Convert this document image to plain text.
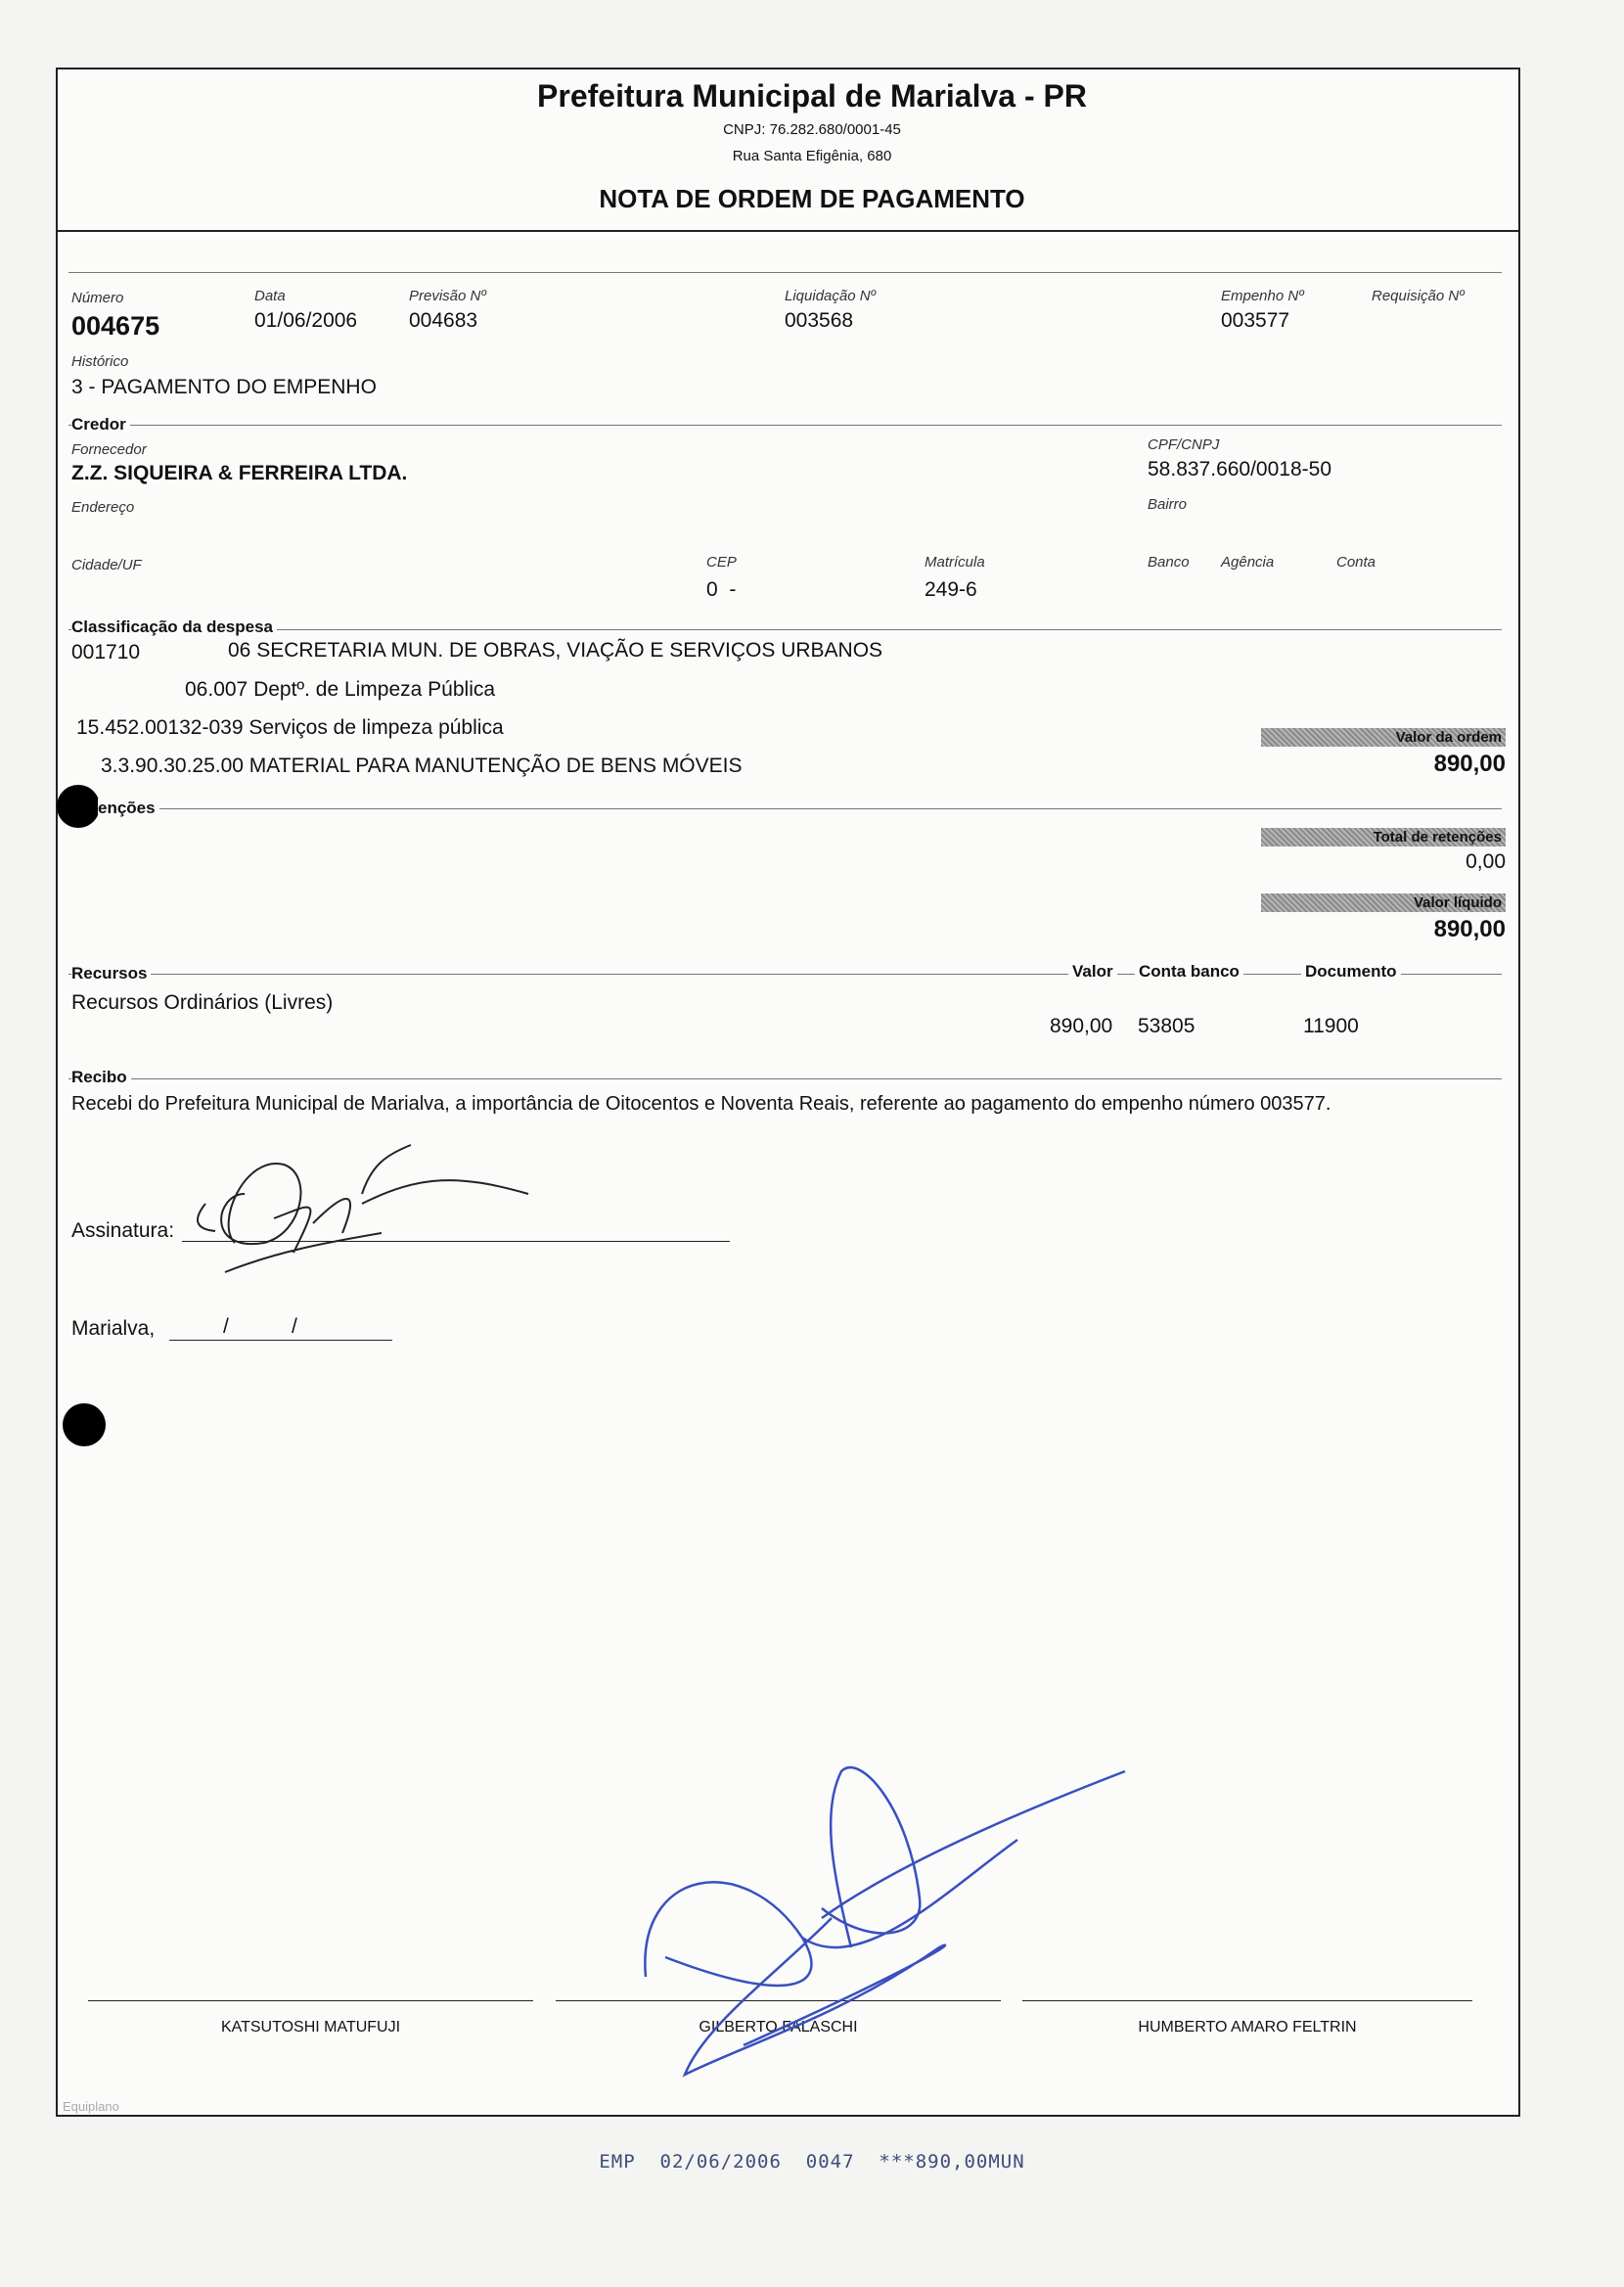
Prefeitura Municipal de Marialva - PR
CNPJ: 76.282.680/0001-45
Rua Santa Efigênia, 680
NOTA DE ORDEM DE PAGAMENTO
Número
004675
Data
01/06/2006
Previsão Nº
004683
Liquidação Nº
003568
Empenho Nº
003577
Requisição Nº
Histórico
3 - PAGAMENTO DO EMPENHO
Credor
Fornecedor
Z.Z. SIQUEIRA & FERREIRA LTDA.
CPF/CNPJ
58.837.660/0018-50
Endereço	Bairro
Cidade/UF	CEP
0  -
Matrícula
249-6
Banco Agência	Conta
Classificação da despesa
001710	06 SECRETARIA MUN. DE OBRAS, VIAÇÃO E SERVIÇOS URBANOS
06.007 Deptº. de Limpeza Pública
15.452.00132-039 Serviços de limpeza pública
3.3.90.30.25.00 MATERIAL PARA MANUTENÇÃO DE BENS MÓVEIS
Valor da ordem
890,00
enções
Total de retenções
0,00
Valor líquido
890,00
Recursos	Valor Conta banco	Documento
Recursos Ordinários (Livres)
890,00 53805	11900
Recibo
Recebi do Prefeitura Municipal de Marialva, a importância de Oitocentos e Noventa Reais, referente ao pagamento do empenho número 003577.
Assinatura:
Marialva,	/	/
KATSUTOSHI MATUFUJI	GILBERTO FALASCHI	HUMBERTO AMARO FELTRIN
Equiplano
EMP  02/06/2006  0047  ***890,00MUN
